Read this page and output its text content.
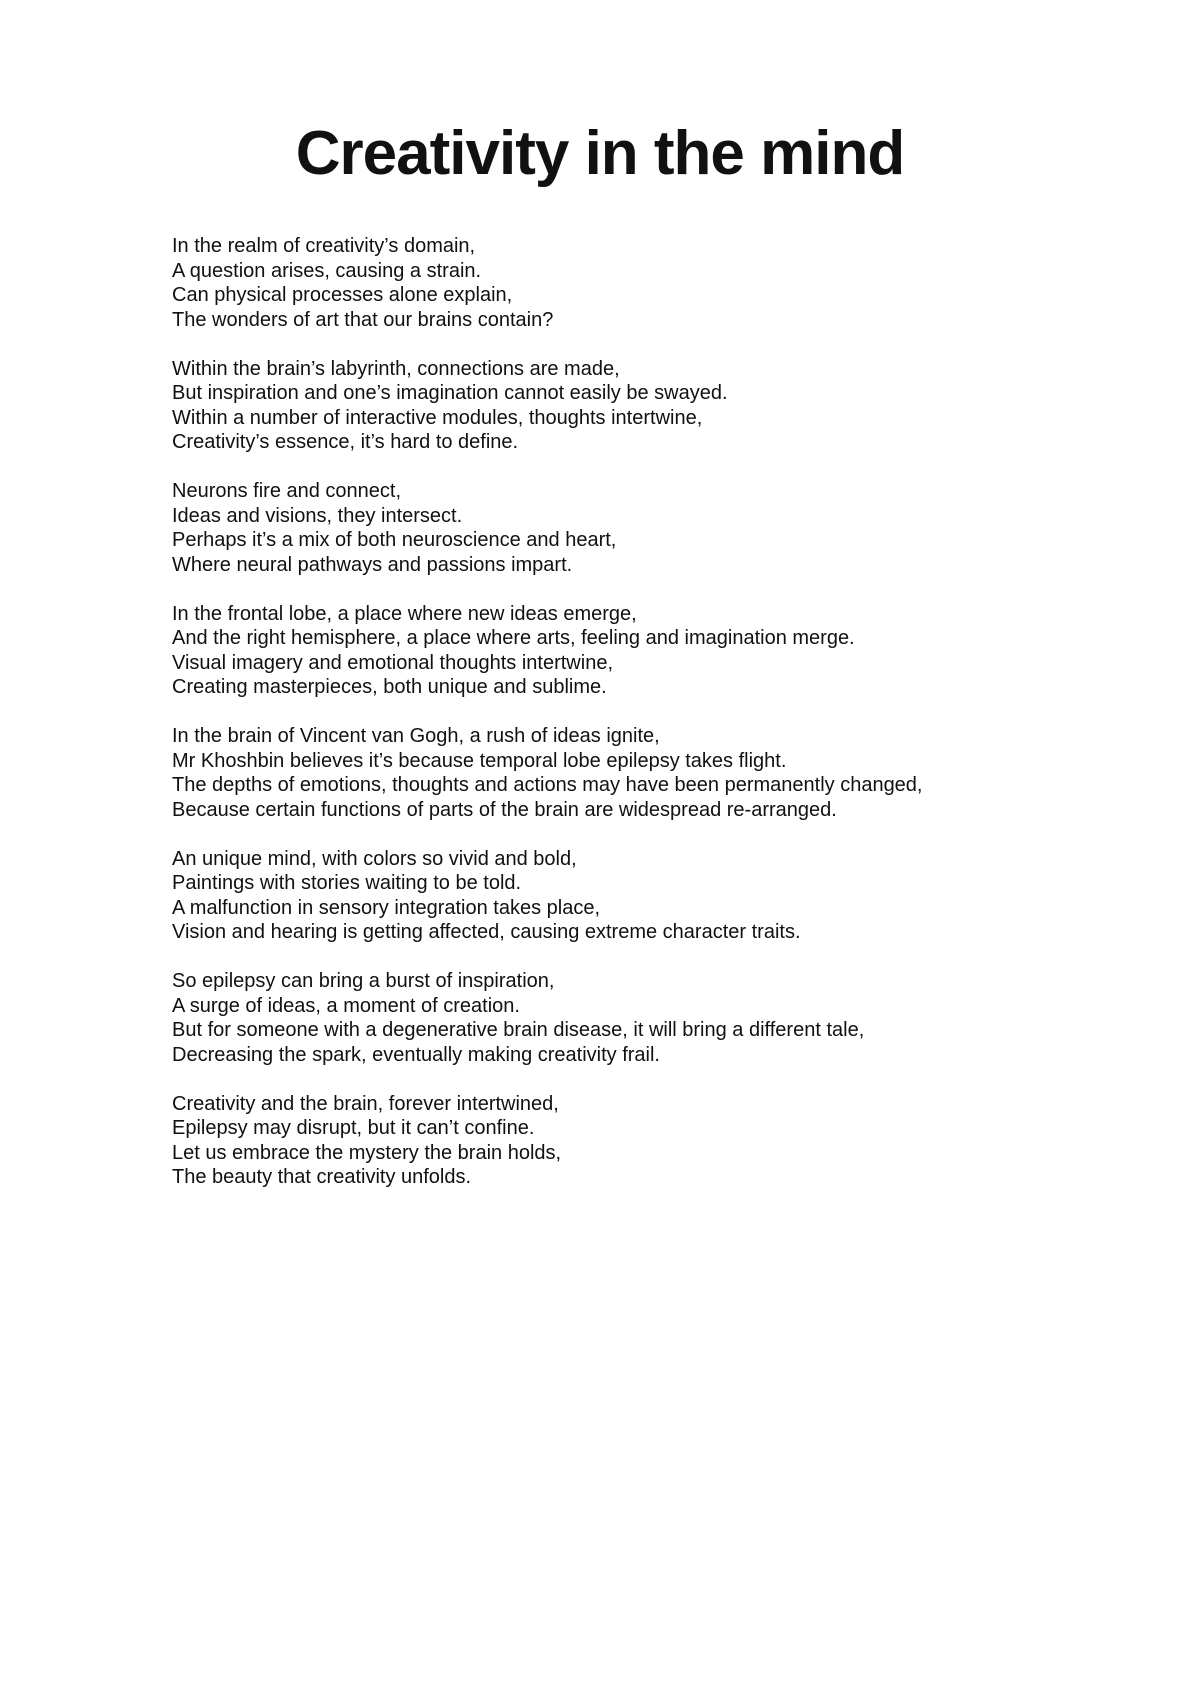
Creativity in the mind
In the realm of creativity’s domain,
A question arises, causing a strain.
Can physical processes alone explain,
The wonders of art that our brains contain?
Within the brain’s labyrinth, connections are made,
But inspiration and one’s imagination cannot easily be swayed.
Within a number of interactive modules, thoughts intertwine,
Creativity’s essence, it’s hard to define.
Neurons fire and connect,
Ideas and visions, they intersect.
Perhaps it’s a mix of both neuroscience and heart,
Where neural pathways and passions impart.
In the frontal lobe, a place where new ideas emerge,
And the right hemisphere, a place where arts, feeling and imagination merge.
Visual imagery and emotional thoughts intertwine,
Creating masterpieces, both unique and sublime.
In the brain of Vincent van Gogh, a rush of ideas ignite,
Mr Khoshbin believes it’s because temporal lobe epilepsy takes flight.
The depths of emotions, thoughts and actions may have been permanently changed,
Because certain functions of parts of the brain are widespread re-arranged.
An unique mind, with colors so vivid and bold,
Paintings with stories waiting to be told.
A malfunction in sensory integration takes place,
Vision and hearing is getting affected, causing extreme character traits.
So epilepsy can bring a burst of inspiration,
A surge of ideas, a moment of creation.
But for someone with a degenerative brain disease, it will bring a different tale,
Decreasing the spark, eventually making creativity frail.
Creativity and the brain, forever intertwined,
Epilepsy may disrupt, but it can’t confine.
Let us embrace the mystery the brain holds,
The beauty that creativity unfolds.
